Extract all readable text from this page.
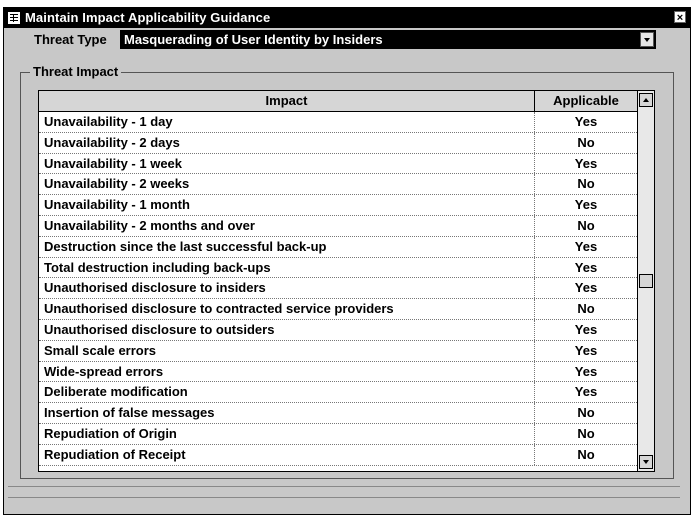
Maintain Impact Applicability Guidance	×
Threat Type Masquerading of User Identity by Insiders
Threat Impact
Impact	Applicable
Unavailability - 1 day	Yes
Unavailability - 2 days	No
Unavailability - 1 week	Yes
Unavailability - 2 weeks	No
Unavailability - 1 month	Yes
Unavailability - 2 months and over	No
Destruction since the last successful back-up	Yes
Total destruction including back-ups	Yes
Unauthorised disclosure to insiders	Yes
Unauthorised disclosure to contracted service providers	No
Unauthorised disclosure to outsiders	Yes
Small scale errors	Yes
Wide-spread errors	Yes
Deliberate modification	Yes
Insertion of false messages	No
Repudiation of Origin	No
Repudiation of Receipt	No
